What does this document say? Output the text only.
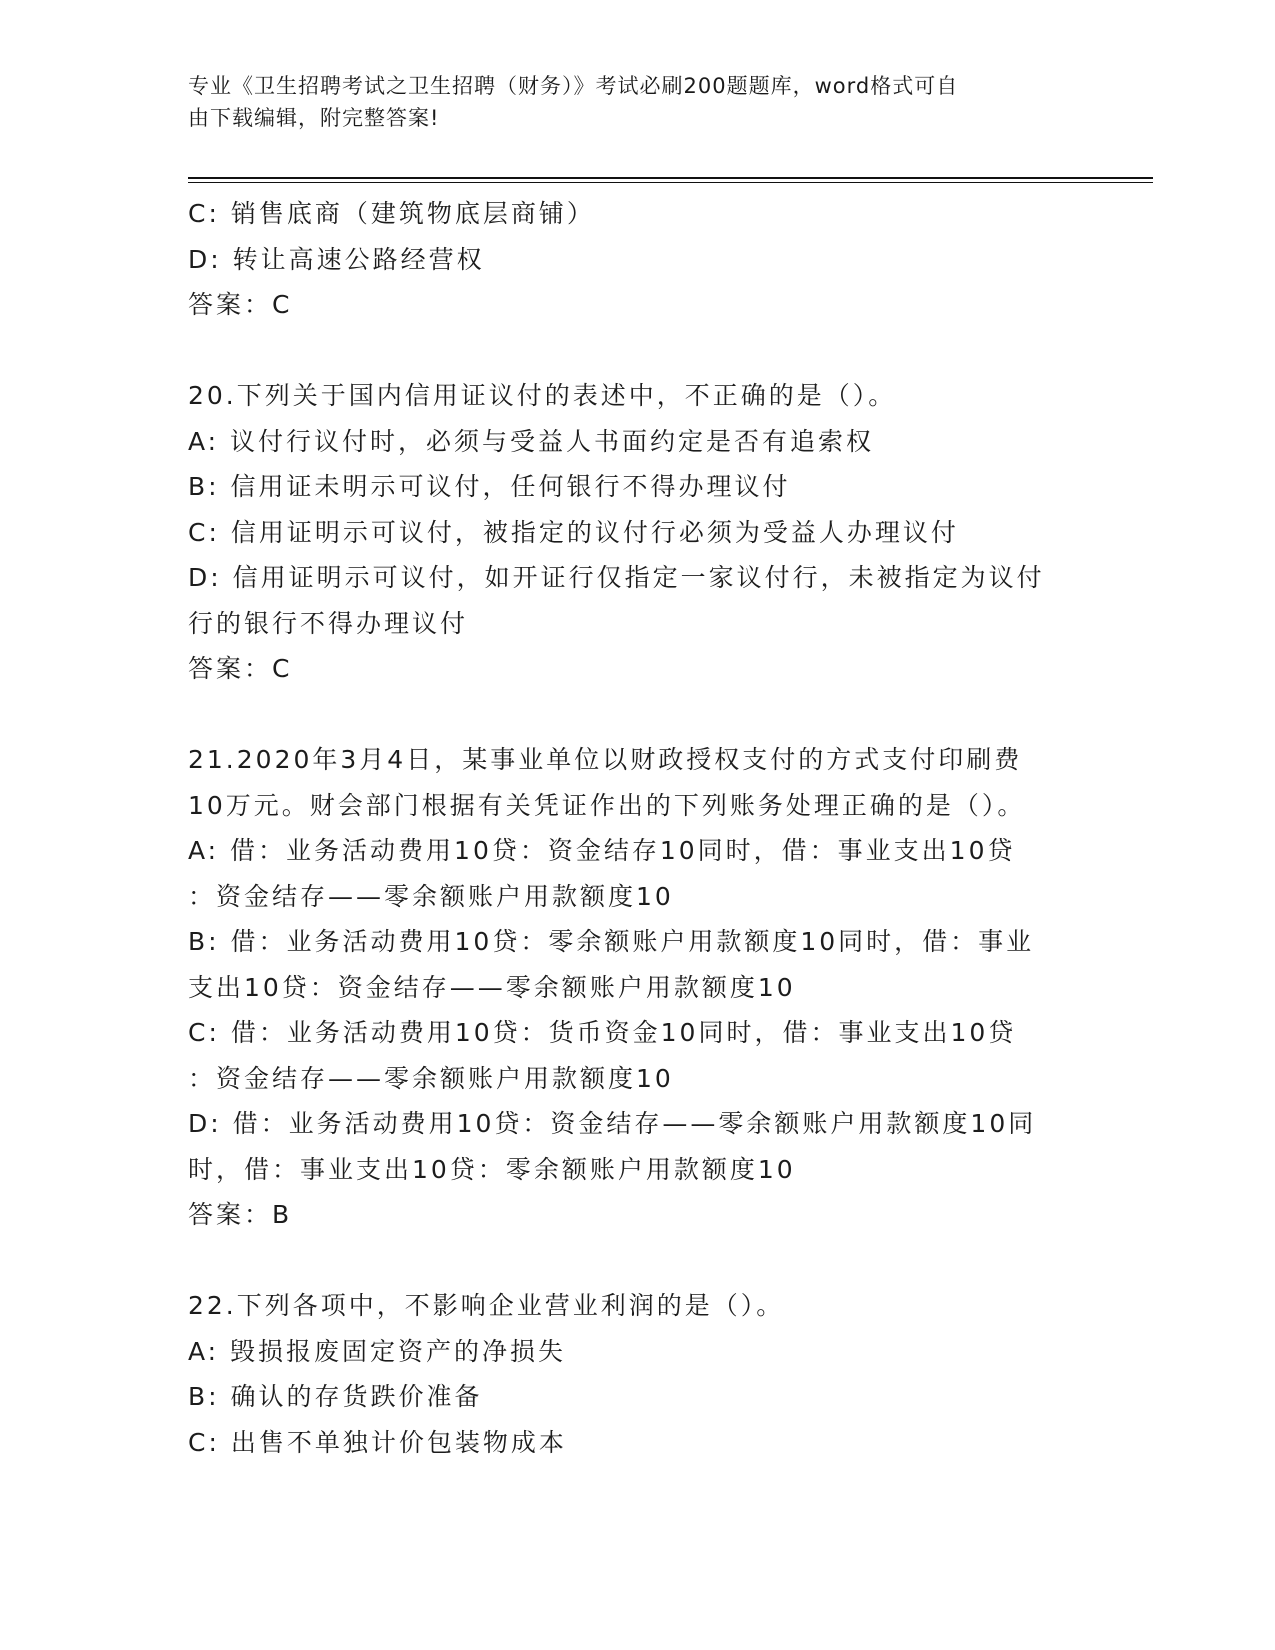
专业《卫生招聘考试之卫生招聘（财务）》考试必刷200题题库，word格式可自
由下载编辑，附完整答案!

C: 销售底商（建筑物底层商铺）

D: 转让高速公路经营权

答案：C

20.下列关于国内信用证议付的表述中，不正确的是（）。

A: 议付行议付时，必须与受益人书面约定是否有追索权

B: 信用证未明示可议付，任何银行不得办理议付

C: 信用证明示可议付，被指定的议付行必须为受益人办理议付

D: 信用证明示可议付，如开证行仅指定一家议付行，未被指定为议付

行的银行不得办理议付

答案：C

21.2020年3月4日，某事业单位以财政授权支付的方式支付印刷费

10万元。财会部门根据有关凭证作出的下列账务处理正确的是（）。

A: 借：业务活动费用10贷：资金结存10同时，借：事业支出10贷

：资金结存——零余额账户用款额度10

B: 借：业务活动费用10贷：零余额账户用款额度10同时，借：事业

支出10贷：资金结存——零余额账户用款额度10

C: 借：业务活动费用10贷：货币资金10同时，借：事业支出10贷

：资金结存——零余额账户用款额度10

D: 借：业务活动费用10贷：资金结存——零余额账户用款额度10同

时，借：事业支出10贷：零余额账户用款额度10

答案：B

22.下列各项中，不影响企业营业利润的是（）。

A: 毁损报废固定资产的净损失

B: 确认的存货跌价准备

C: 出售不单独计价包装物成本
